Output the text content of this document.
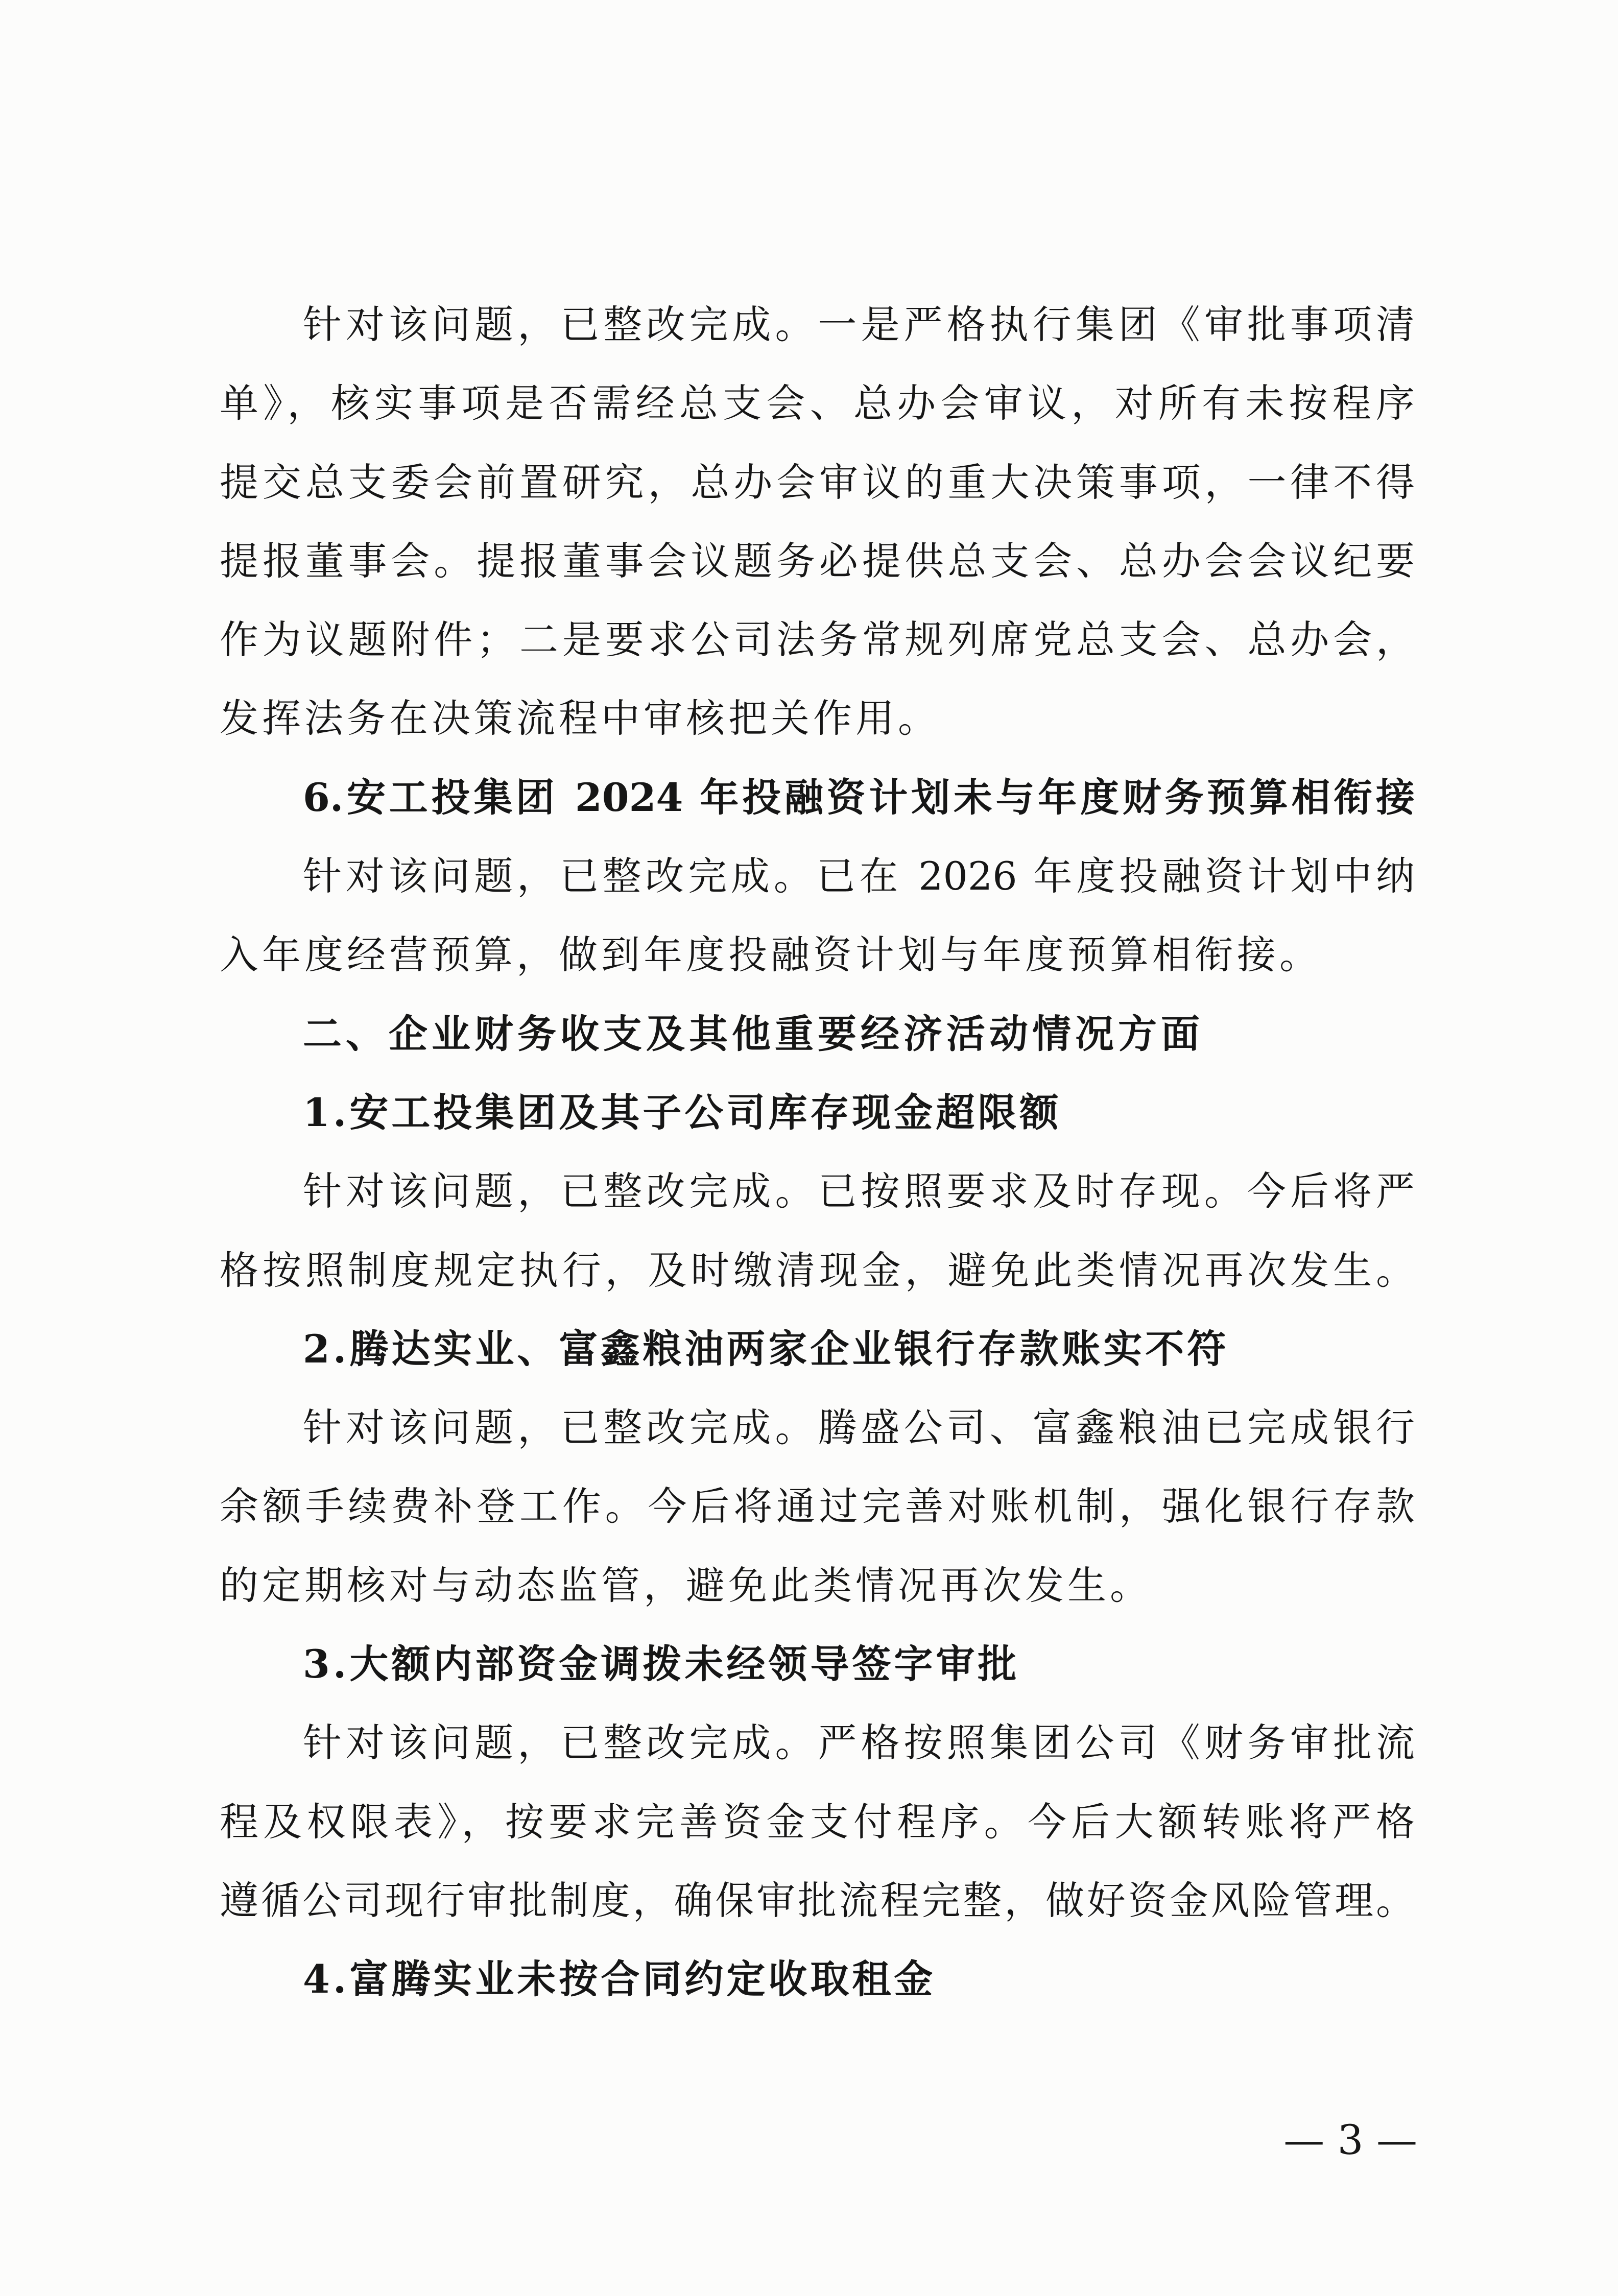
针对该问题，已整改完成。一是严格执行集团《审批事项清
单》，核实事项是否需经总支会、总办会审议，对所有未按程序
提交总支委会前置研究，总办会审议的重大决策事项，一律不得
提报董事会。提报董事会议题务必提供总支会、总办会会议纪要
作为议题附件；二是要求公司法务常规列席党总支会、总办会，
发挥法务在决策流程中审核把关作用。
6.安工投集团 2024 年投融资计划未与年度财务预算相衔接
针对该问题，已整改完成。已在 2026 年度投融资计划中纳
入年度经营预算，做到年度投融资计划与年度预算相衔接。
二、企业财务收支及其他重要经济活动情况方面
1.安工投集团及其子公司库存现金超限额
针对该问题，已整改完成。已按照要求及时存现。今后将严
格按照制度规定执行，及时缴清现金，避免此类情况再次发生。
2.腾达实业、富鑫粮油两家企业银行存款账实不符
针对该问题，已整改完成。腾盛公司、富鑫粮油已完成银行
余额手续费补登工作。今后将通过完善对账机制，强化银行存款
的定期核对与动态监管，避免此类情况再次发生。
3.大额内部资金调拨未经领导签字审批
针对该问题，已整改完成。严格按照集团公司《财务审批流
程及权限表》，按要求完善资金支付程序。今后大额转账将严格
遵循公司现行审批制度，确保审批流程完整，做好资金风险管理。
4.富腾实业未按合同约定收取租金
— 3 —
